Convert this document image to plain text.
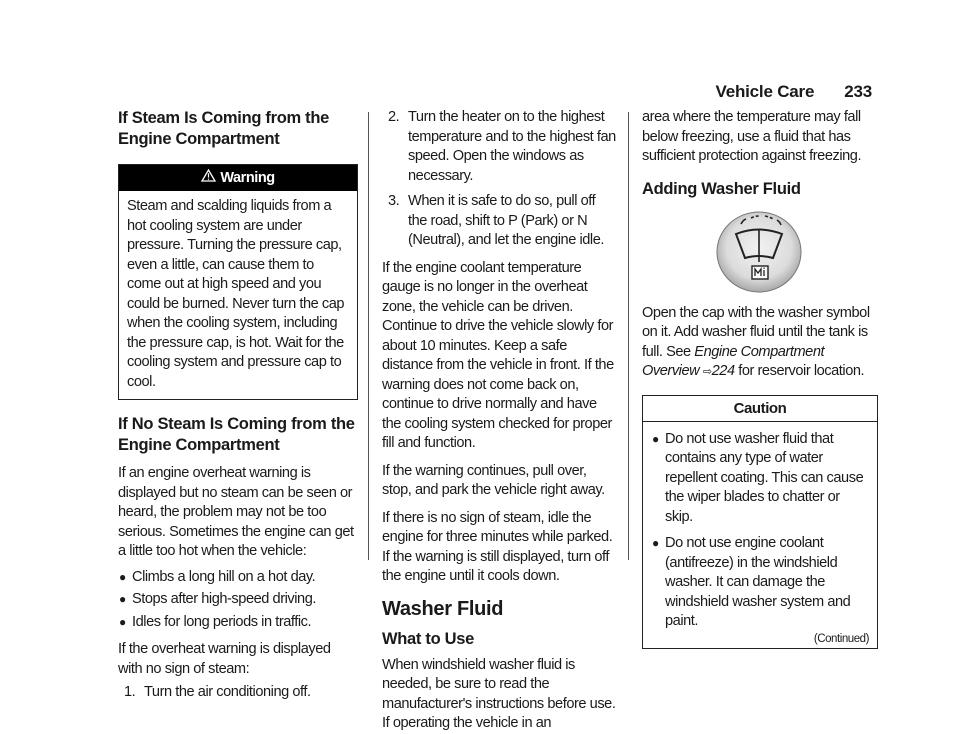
Vehicle Care 233
If Steam Is Coming from the Engine Compartment
Warning
Steam and scalding liquids from a hot cooling system are under pressure. Turning the pressure cap, even a little, can cause them to come out at high speed and you could be burned. Never turn the cap when the cooling system, including the pressure cap, is hot. Wait for the cooling system and pressure cap to cool.
If No Steam Is Coming from the Engine Compartment

If an engine overheat warning is displayed but no steam can be seen or heard, the problem may not be too serious. Sometimes the engine can get a little too hot when the vehicle:

● Climbs a long hill on a hot day.
● Stops after high-speed driving.
● Idles for long periods in traffic.

If the overheat warning is displayed with no sign of steam:

1. Turn the air conditioning off.
2. Turn the heater on to the highest temperature and to the highest fan speed. Open the windows as necessary.
3. When it is safe to do so, pull off the road, shift to P (Park) or N (Neutral), and let the engine idle.

If the engine coolant temperature gauge is no longer in the overheat zone, the vehicle can be driven. Continue to drive the vehicle slowly for about 10 minutes. Keep a safe distance from the vehicle in front. If the warning does not come back on, continue to drive normally and have the cooling system checked for proper fill and function.

If the warning continues, pull over, stop, and park the vehicle right away.

If there is no sign of steam, idle the engine for three minutes while parked. If the warning is still displayed, turn off the engine until it cools down.

Washer Fluid
What to Use

When windshield washer fluid is needed, be sure to read the manufacturer's instructions before use. If operating the vehicle in an

area where the temperature may fall below freezing, use a fluid that has sufficient protection against freezing.

Adding Washer Fluid

Open the cap with the washer symbol on it. Add washer fluid until the tank is full. See Engine Compartment Overview ⇨224 for reservoir location.

Caution
● Do not use washer fluid that contains any type of water repellent coating. This can cause the wiper blades to chatter or skip.
● Do not use engine coolant (antifreeze) in the windshield washer. It can damage the windshield washer system and paint.
(Continued)
